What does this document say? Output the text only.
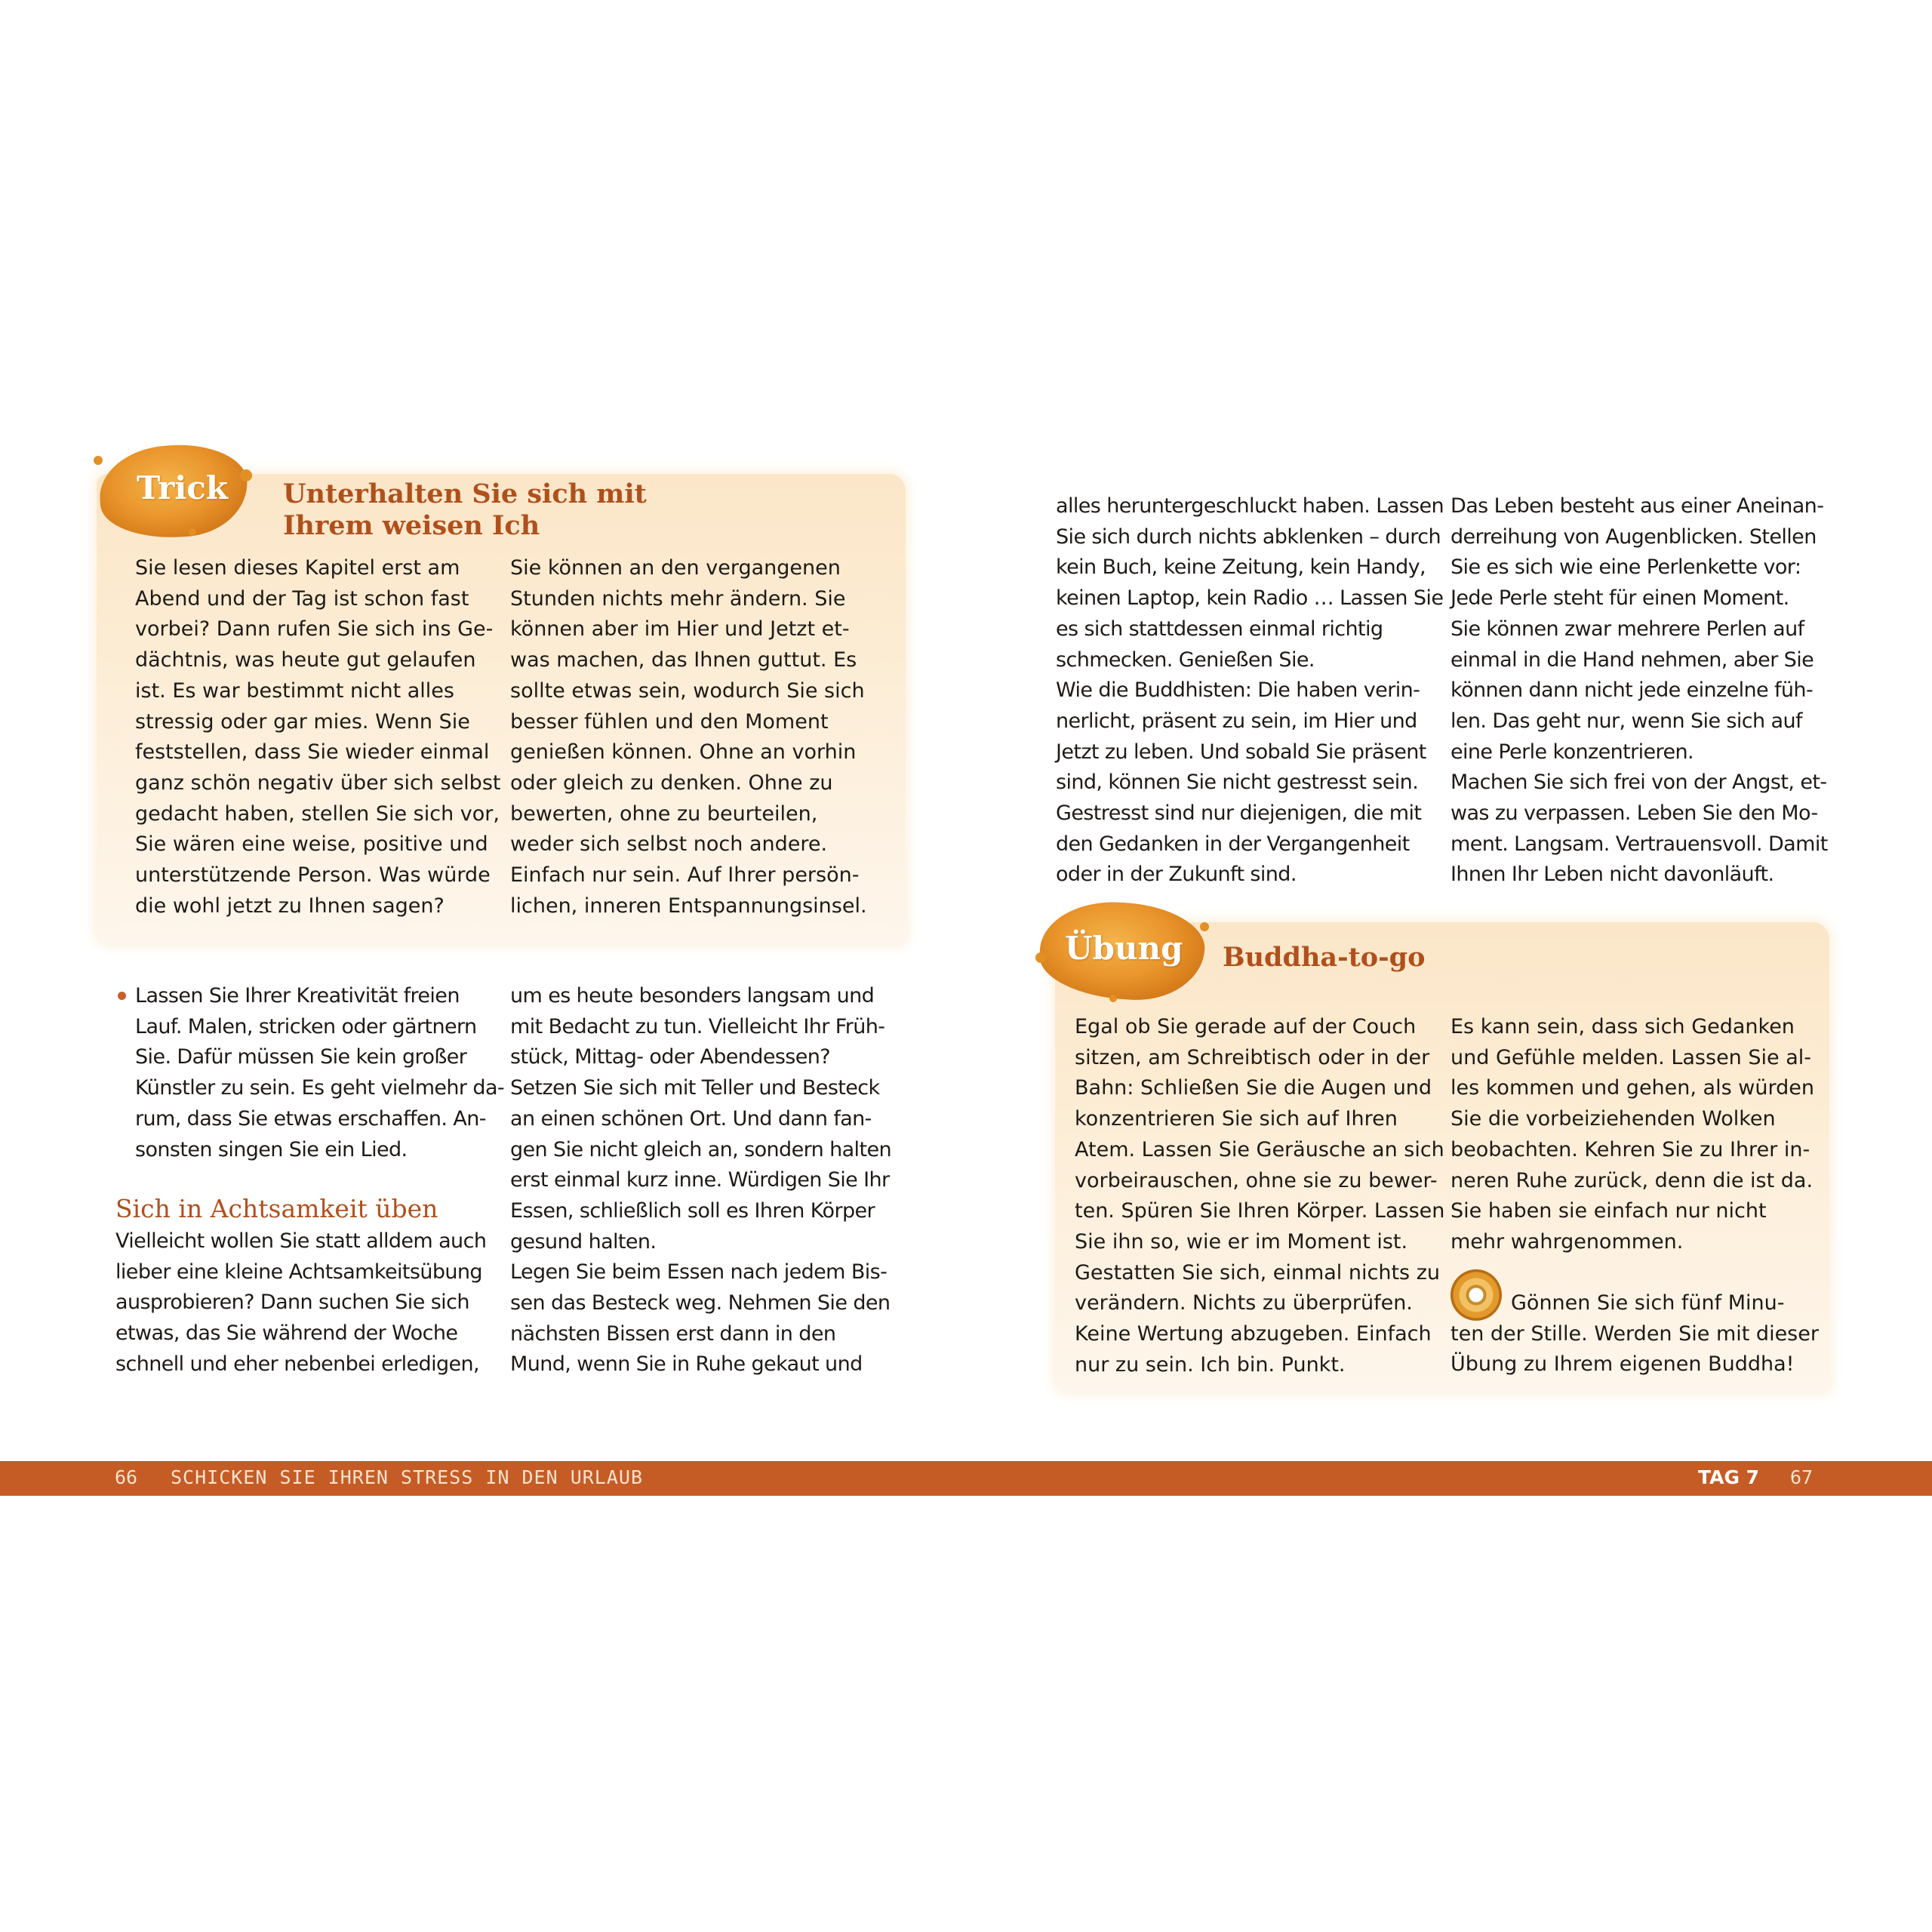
Trick Unterhalten Sie sich mit
Ihrem weisen Ich
Sie lesen dieses Kapitel erst am
Abend und der Tag ist schon fast
vorbei? Dann rufen Sie sich ins Ge-
dächtnis, was heute gut gelaufen
ist. Es war bestimmt nicht alles
stressig oder gar mies. Wenn Sie
feststellen, dass Sie wieder einmal
ganz schön negativ über sich selbst
gedacht haben, stellen Sie sich vor,
Sie wären eine weise, positive und
unterstützende Person. Was würde
die wohl jetzt zu Ihnen sagen?
Sie können an den vergangenen
Stunden nichts mehr ändern. Sie
können aber im Hier und Jetzt et-
was machen, das Ihnen guttut. Es
sollte etwas sein, wodurch Sie sich
besser fühlen und den Moment
genießen können. Ohne an vorhin
oder gleich zu denken. Ohne zu
bewerten, ohne zu beurteilen,
weder sich selbst noch andere.
Einfach nur sein. Auf Ihrer persön-
lichen, inneren Entspannungsinsel.
Lassen Sie Ihrer Kreativität freien
Lauf. Malen, stricken oder gärtnern
Sie. Dafür müssen Sie kein großer
Künstler zu sein. Es geht vielmehr da-
rum, dass Sie etwas erschaffen. An-
sonsten singen Sie ein Lied.
Sich in Achtsamkeit üben
Vielleicht wollen Sie statt alldem auch
lieber eine kleine Achtsamkeitsübung
ausprobieren? Dann suchen Sie sich
etwas, das Sie während der Woche
schnell und eher nebenbei erledigen,
um es heute besonders langsam und
mit Bedacht zu tun. Vielleicht Ihr Früh-
stück, Mittag- oder Abendessen?
Setzen Sie sich mit Teller und Besteck
an einen schönen Ort. Und dann fan-
gen Sie nicht gleich an, sondern halten
erst einmal kurz inne. Würdigen Sie Ihr
Essen, schließlich soll es Ihren Körper
gesund halten.
Legen Sie beim Essen nach jedem Bis-
sen das Besteck weg. Nehmen Sie den
nächsten Bissen erst dann in den
Mund, wenn Sie in Ruhe gekaut und
alles heruntergeschluckt haben. Lassen
Sie sich durch nichts abklenken – durch
kein Buch, keine Zeitung, kein Handy,
keinen Laptop, kein Radio … Lassen Sie
es sich stattdessen einmal richtig
schmecken. Genießen Sie.
Wie die Buddhisten: Die haben verin-
nerlicht, präsent zu sein, im Hier und
Jetzt zu leben. Und sobald Sie präsent
sind, können Sie nicht gestresst sein.
Gestresst sind nur diejenigen, die mit
den Gedanken in der Vergangenheit
oder in der Zukunft sind.
Das Leben besteht aus einer Aneinan-
derreihung von Augenblicken. Stellen
Sie es sich wie eine Perlenkette vor:
Jede Perle steht für einen Moment.
Sie können zwar mehrere Perlen auf
einmal in die Hand nehmen, aber Sie
können dann nicht jede einzelne füh-
len. Das geht nur, wenn Sie sich auf
eine Perle konzentrieren.
Machen Sie sich frei von der Angst, et-
was zu verpassen. Leben Sie den Mo-
ment. Langsam. Vertrauensvoll. Damit
Ihnen Ihr Leben nicht davonläuft.
Übung Buddha-to-go
Egal ob Sie gerade auf der Couch
sitzen, am Schreibtisch oder in der
Bahn: Schließen Sie die Augen und
konzentrieren Sie sich auf Ihren
Atem. Lassen Sie Geräusche an sich
vorbeirauschen, ohne sie zu bewer-
ten. Spüren Sie Ihren Körper. Lassen
Sie ihn so, wie er im Moment ist.
Gestatten Sie sich, einmal nichts zu
verändern. Nichts zu überprüfen.
Keine Wertung abzugeben. Einfach
nur zu sein. Ich bin. Punkt.
Es kann sein, dass sich Gedanken
und Gefühle melden. Lassen Sie al-
les kommen und gehen, als würden
Sie die vorbeiziehenden Wolken
beobachten. Kehren Sie zu Ihrer in-
neren Ruhe zurück, denn die ist da.
Sie haben sie einfach nur nicht
mehr wahrgenommen.
Gönnen Sie sich fünf Minu-
ten der Stille. Werden Sie mit dieser
Übung zu Ihrem eigenen Buddha!
66 SCHICKEN SIE IHREN STRESS IN DEN URLAUB	TAG 7 67
